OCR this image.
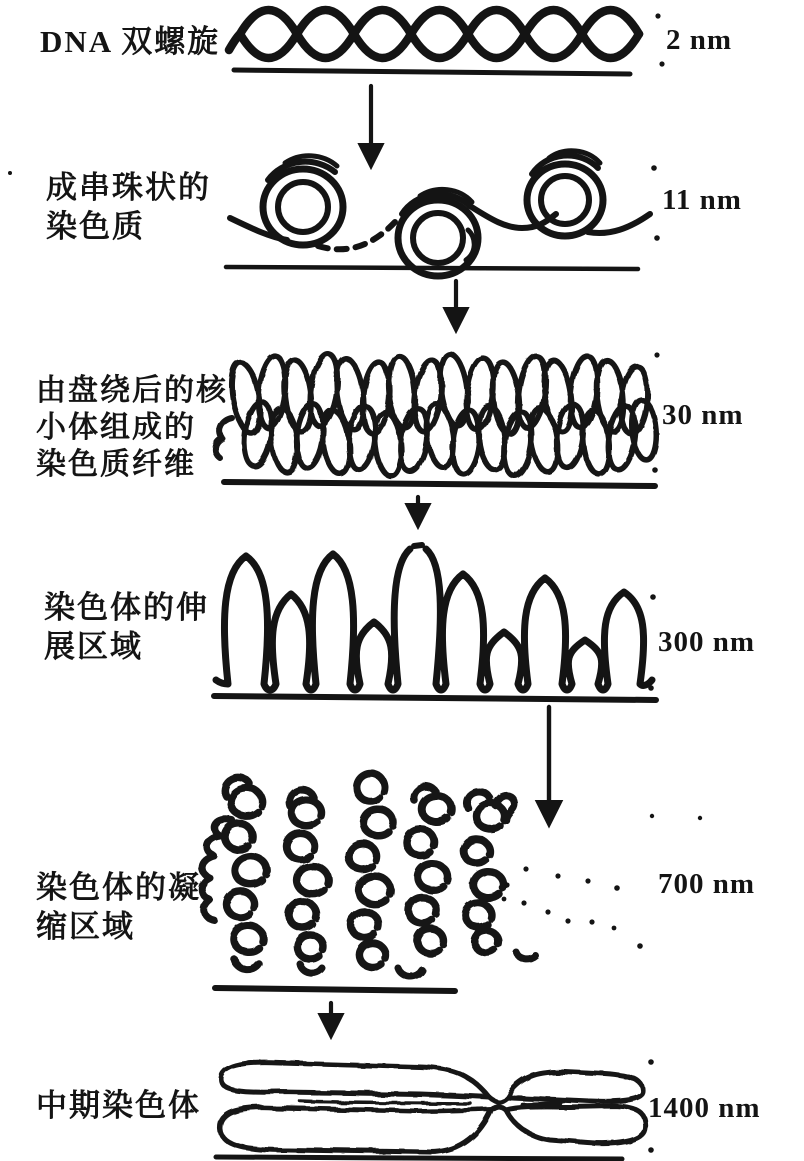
DNA 双螺旋	2 nm
成串珠状的
染色质
11 nm
由盘绕后的核
小体组成的
染色质纤维
30 nm
染色体的伸
展区域	300 nm
染色体的凝
缩区域
700 nm
中期染色体	1400 nm
